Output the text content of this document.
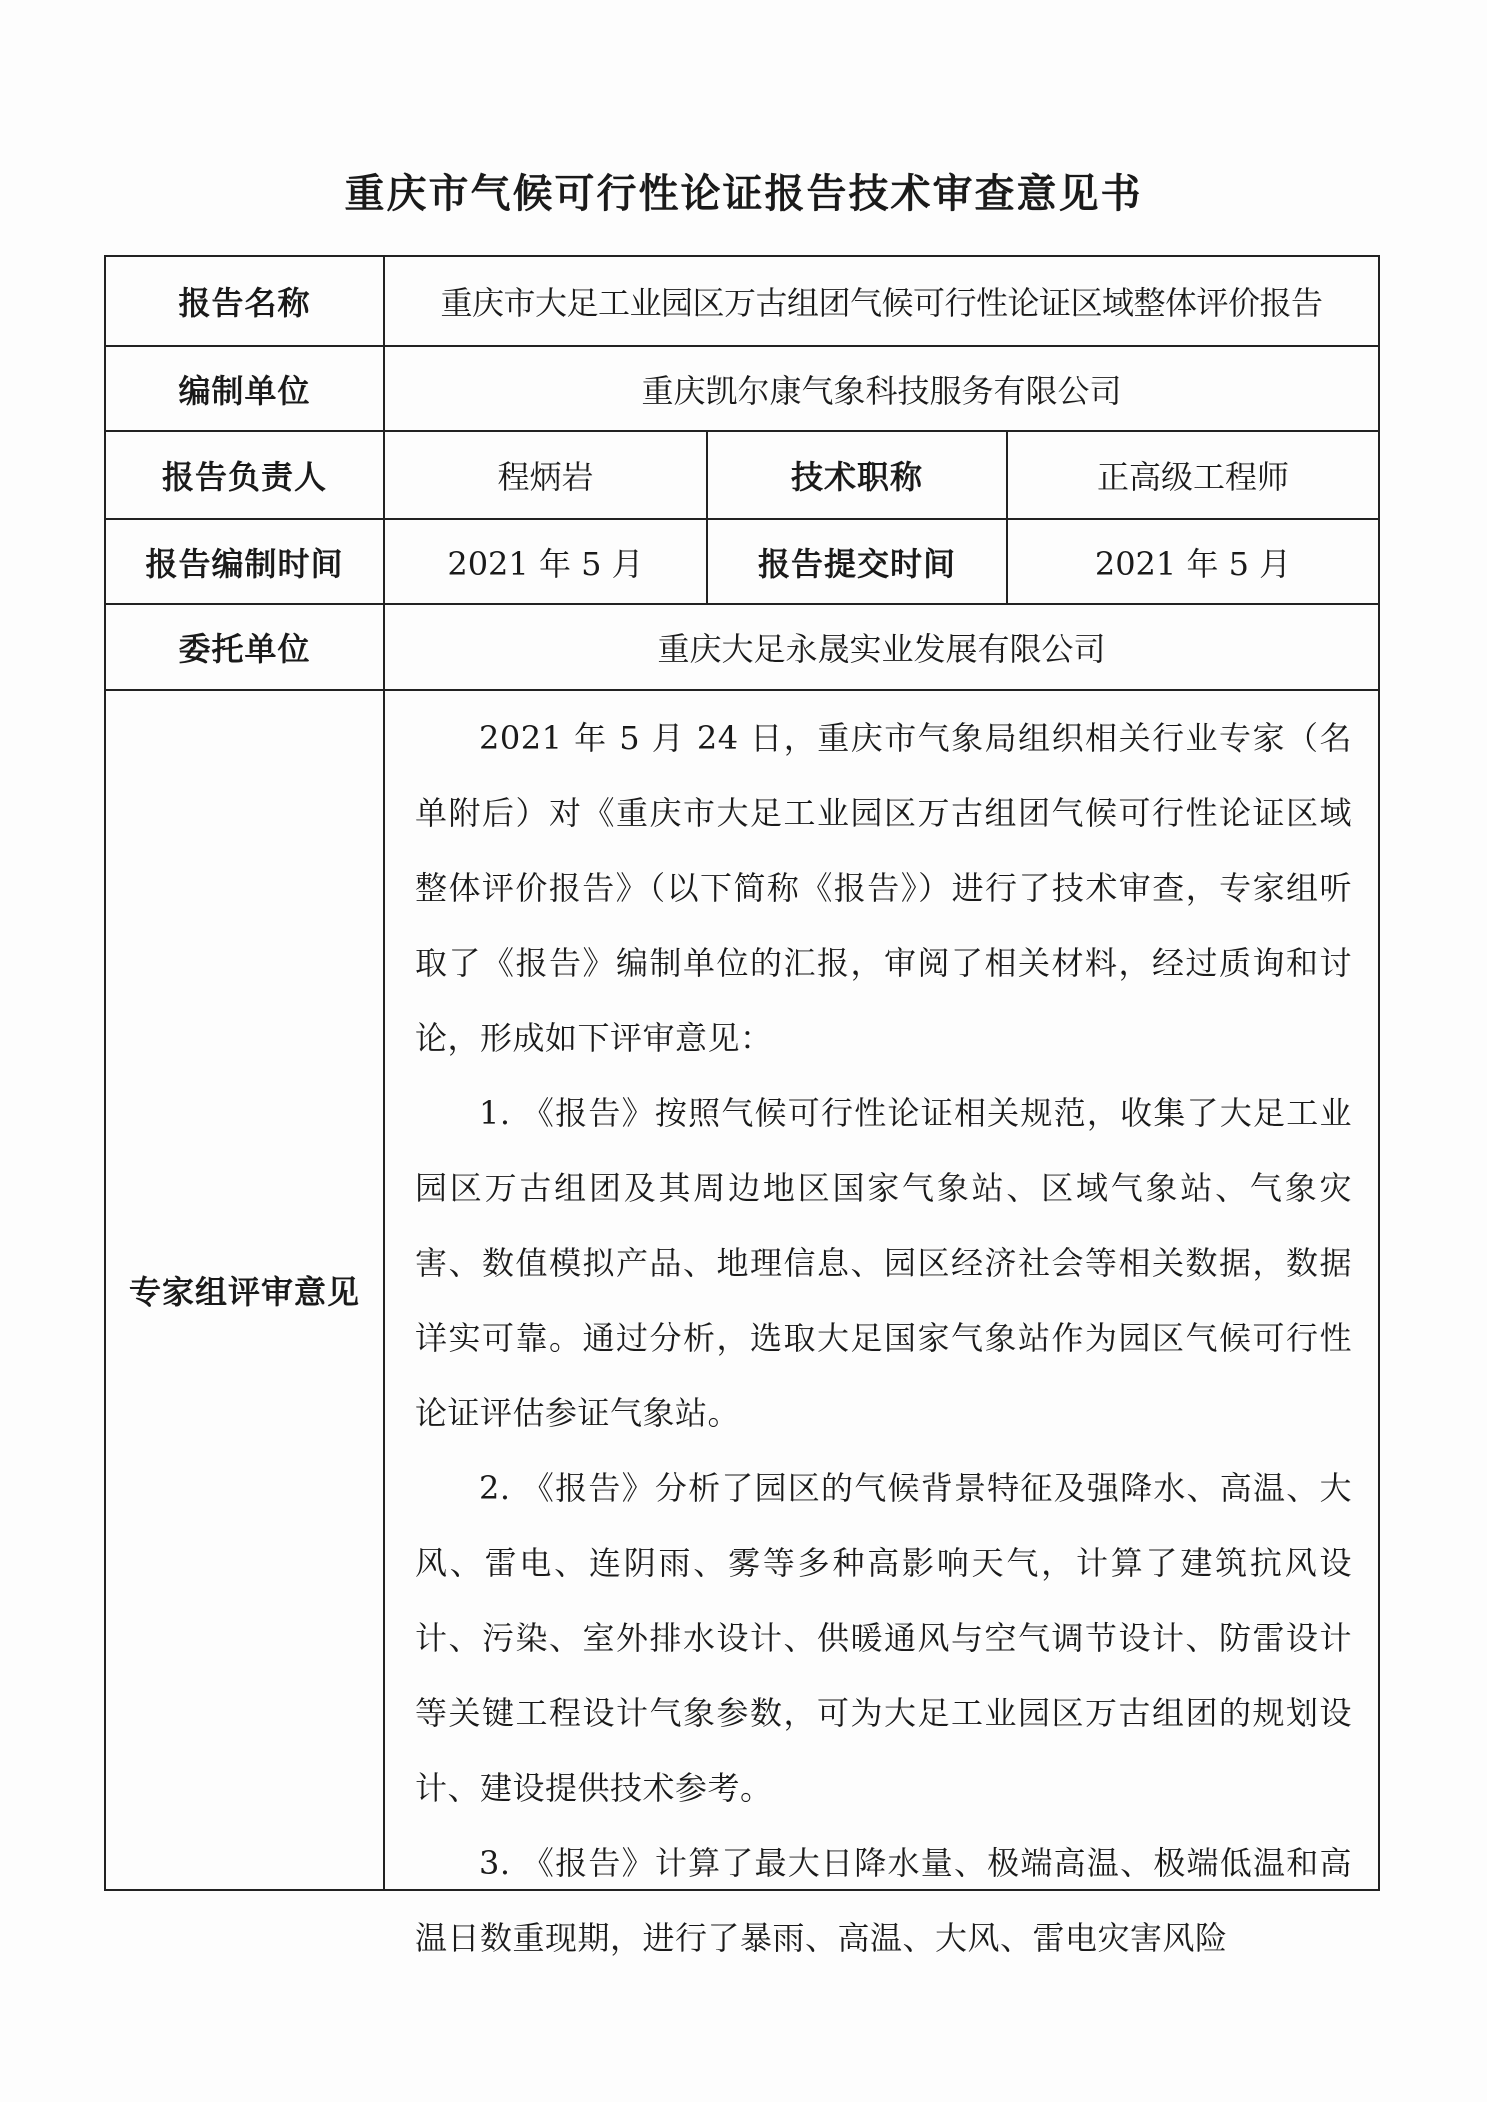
重庆市气候可行性论证报告技术审查意见书
报告名称	重庆市大足工业园区万古组团气候可行性论证区域整体评价报告		
编制单位	重庆凯尔康气象科技服务有限公司		
报告负责人	程炳岩	技术职称	正高级工程师
报告编制时间	2021 年 5 月	报告提交时间	2021 年 5 月
委托单位	重庆大足永晟实业发展有限公司		
专家组评审意见	2021 年 5 月 24 日，重庆市气象局组织相关行业专家（名单附后）对《重庆市大足工业园区万古组团气候可行性论证区域整体评价报告》（以下简称《报告》）进行了技术审查，专家组听取了《报告》编制单位的汇报，审阅了相关材料，经过质询和讨论，形成如下评审意见：

1. 《报告》按照气候可行性论证相关规范，收集了大足工业园区万古组团及其周边地区国家气象站、区域气象站、气象灾害、数值模拟产品、地理信息、园区经济社会等相关数据，数据详实可靠。通过分析，选取大足国家气象站作为园区气候可行性论证评估参证气象站。

2. 《报告》分析了园区的气候背景特征及强降水、高温、大风、雷电、连阴雨、雾等多种高影响天气，计算了建筑抗风设计、污染、室外排水设计、供暖通风与空气调节设计、防雷设计等关键工程设计气象参数，可为大足工业园区万古组团的规划设计、建设提供技术参考。

3. 《报告》计算了最大日降水量、极端高温、极端低温和高温日数重现期，进行了暴雨、高温、大风、雷电灾害风险		
